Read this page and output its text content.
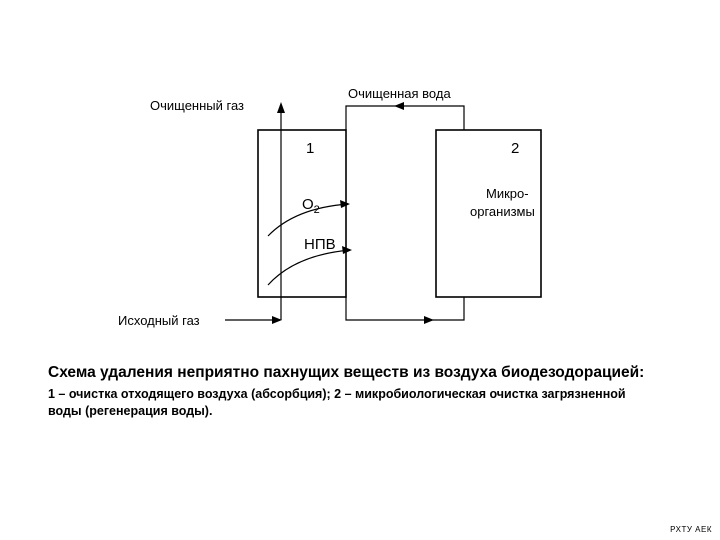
Очищенный газ
Очищенная вода
Исходный газ
1	2
$O_2$
НПВ
Микро-
организмы
Схема удаления неприятно пахнущих веществ из воздуха биодезодорацией:
1 – очистка отходящего воздуха (абсорбция); 2 – микробиологическая очистка загрязненной воды (регенерация воды).
РХТУ АЕК
